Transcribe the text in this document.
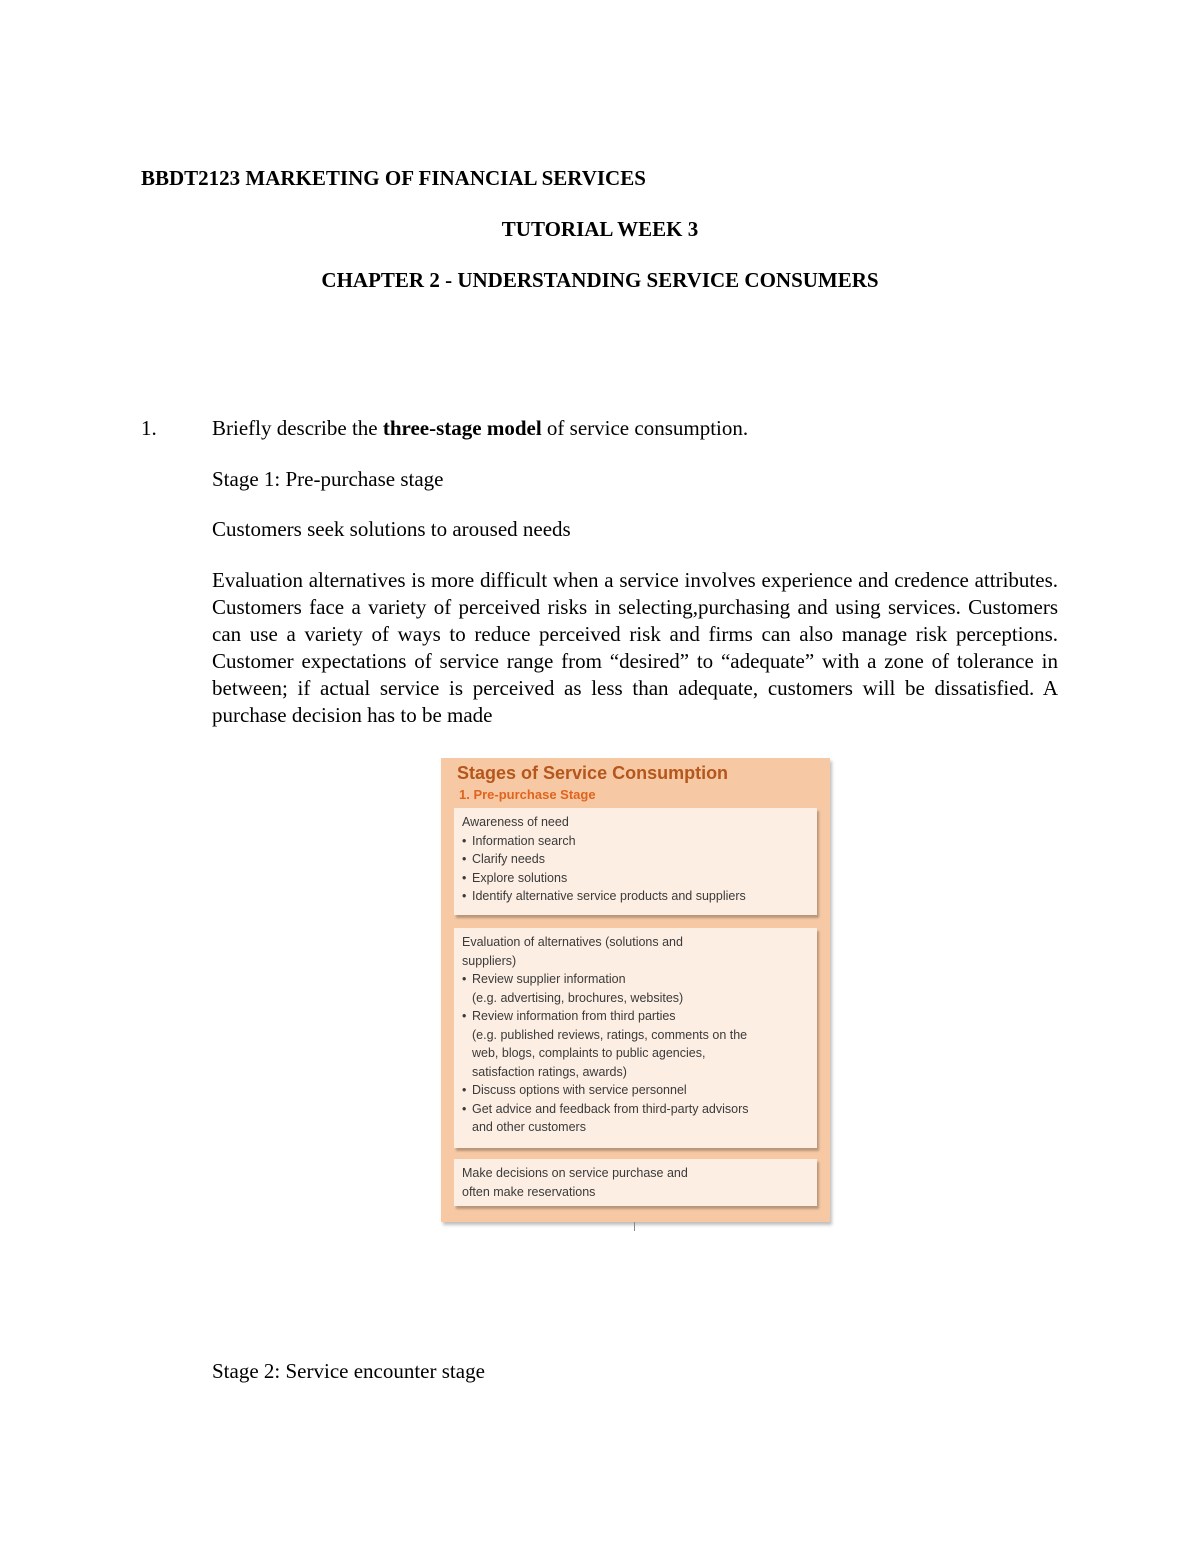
BBDT2123 MARKETING OF FINANCIAL SERVICES
TUTORIAL WEEK 3
CHAPTER 2 - UNDERSTANDING SERVICE CONSUMERS
1.	Briefly describe the three-stage model of service consumption.
Stage 1: Pre-purchase stage
Customers seek solutions to aroused needs
Evaluation alternatives is more difficult when a service involves experience and credence attributes. Customers face a variety of perceived risks in selecting,purchasing and using services. Customers can use a variety of ways to reduce perceived risk and firms can also manage risk perceptions. Customer expectations of service range from “desired” to “adequate” with a zone of tolerance in between; if actual service is perceived as less than adequate, customers will be dissatisfied. A purchase decision has to be made
Stages of Service Consumption
1. Pre-purchase Stage
Awareness of need
• Information search
• Clarify needs
• Explore solutions
• Identify alternative service products and suppliers
Evaluation of alternatives (solutions and
suppliers)
• Review supplier information
(e.g. advertising, brochures, websites)
• Review information from third parties
(e.g. published reviews, ratings, comments on the
web, blogs, complaints to public agencies,
satisfaction ratings, awards)
• Discuss options with service personnel
• Get advice and feedback from third-party advisors
and other customers
Make decisions on service purchase and
often make reservations
Stage 2: Service encounter stage
